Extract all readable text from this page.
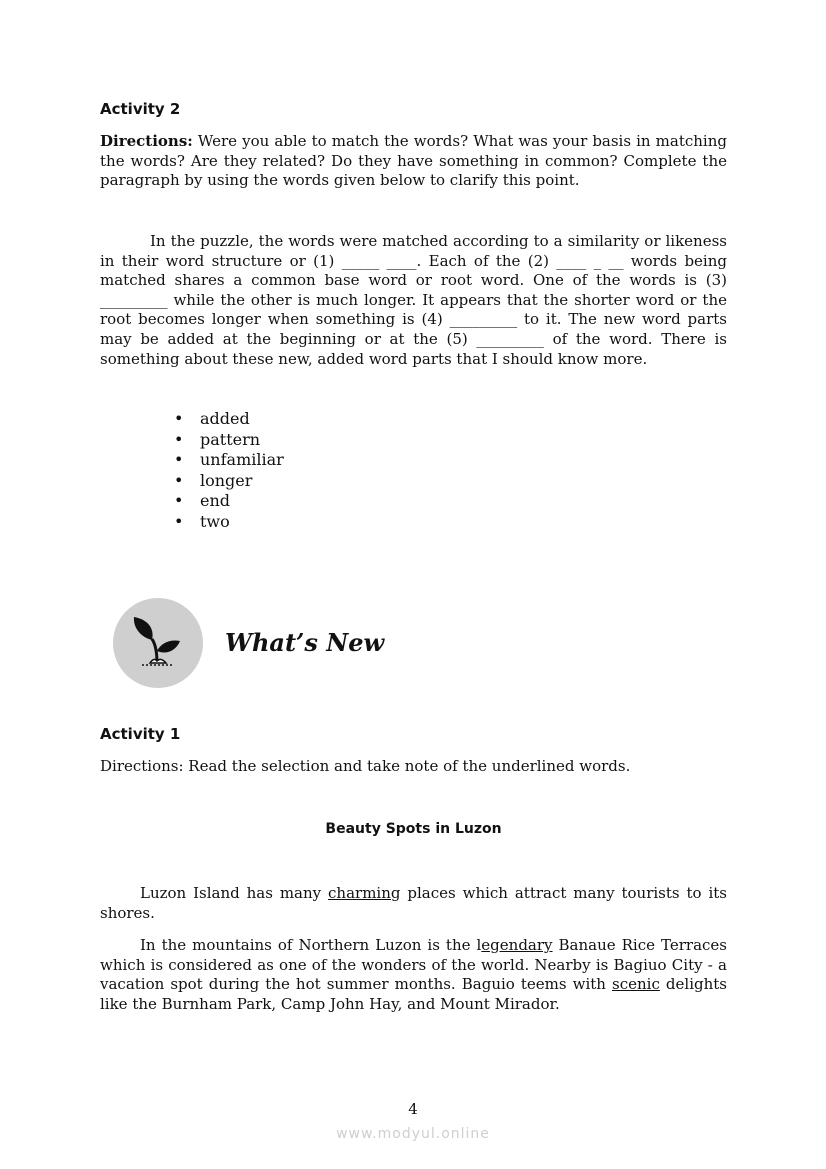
Activity 2
Directions: Were you able to match the words? What was your basis in matching the words? Are they related? Do they have something in common? Complete the paragraph by using the words given below to clarify this point.
In the puzzle, the words were matched according to a similarity or likeness in their word structure or (1) _____ ____. Each of the (2) ____ _ __ words being matched shares a common base word or root word. One of the words is (3) _________ while the other is much longer. It appears that the shorter word or the root becomes longer when something is (4) _________ to it. The new word parts may be added at the beginning or at the (5) _________ of the word. There is something about these new, added word parts that I should know more.
• added
• pattern
• unfamiliar
• longer
• end
• two
What’s New
Activity 1
Directions: Read the selection and take note of the underlined words.
Beauty Spots in Luzon
Luzon Island has many charming places which attract many tourists to its shores.
In the mountains of Northern Luzon is the legendary Banaue Rice Terraces which is considered as one of the wonders of the world. Nearby is Bagiuo City - a vacation spot during the hot summer months. Baguio teems with scenic delights like the Burnham Park, Camp John Hay, and Mount Mirador.
4
www.modyul.online
